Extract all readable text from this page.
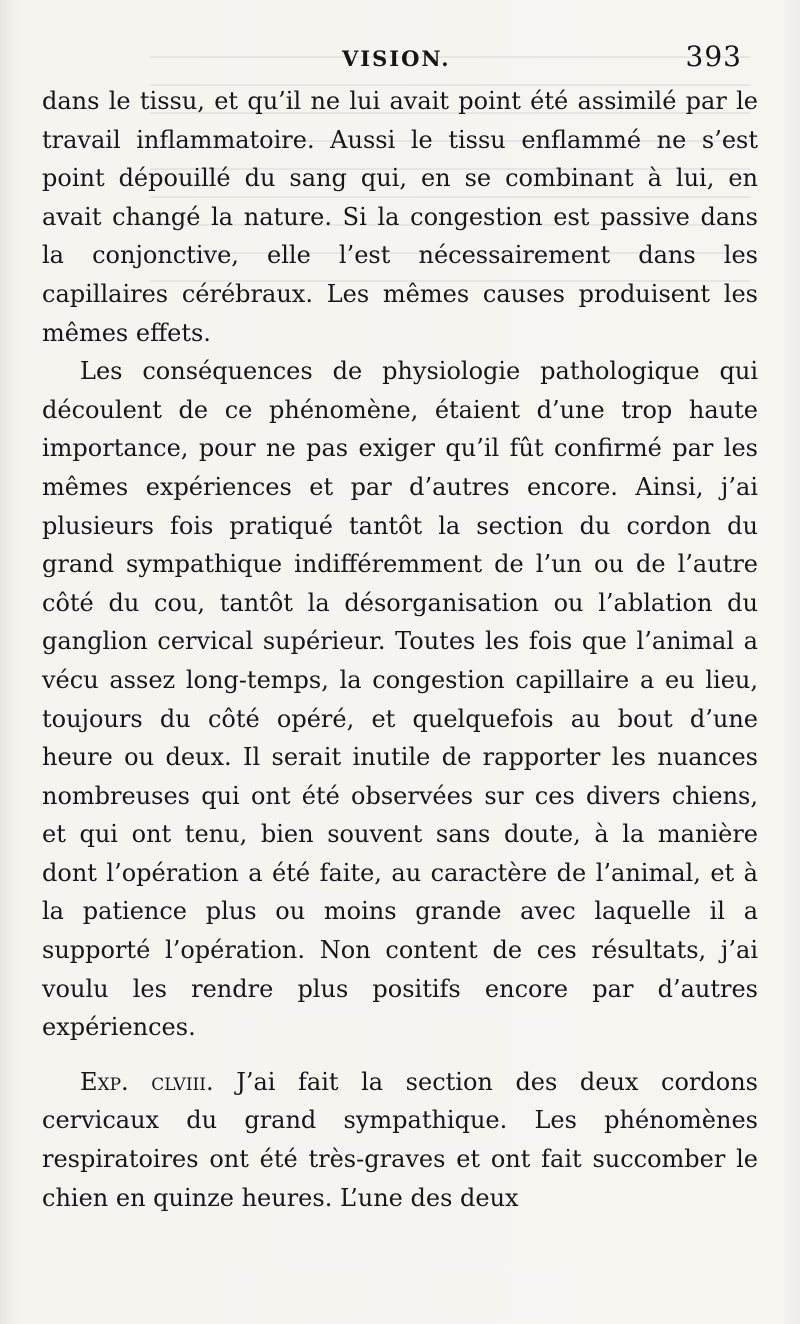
VISION.	393

dans le tissu, et qu’il ne lui avait point été assimilé par le travail inflammatoire. Aussi le tissu enflammé ne s’est point dépouillé du sang qui, en se combinant à lui, en avait changé la nature. Si la congestion est passive dans la conjonctive, elle l’est nécessairement dans les capillaires cérébraux. Les mêmes causes produisent les mêmes effets.

Les conséquences de physiologie pathologique qui découlent de ce phénomène, étaient d’une trop haute importance, pour ne pas exiger qu’il fût confirmé par les mêmes expériences et par d’autres encore. Ainsi, j’ai plusieurs fois pratiqué tantôt la section du cordon du grand sympathique indifféremment de l’un ou de l’autre côté du cou, tantôt la désorganisation ou l’ablation du ganglion cervical supérieur. Toutes les fois que l’animal a vécu assez long-temps, la congestion capillaire a eu lieu, toujours du côté opéré, et quelquefois au bout d’une heure ou deux. Il serait inutile de rapporter les nuances nombreuses qui ont été observées sur ces divers chiens, et qui ont tenu, bien souvent sans doute, à la manière dont l’opération a été faite, au caractère de l’animal, et à la patience plus ou moins grande avec laquelle il a supporté l’opération. Non content de ces résultats, j’ai voulu les rendre plus positifs encore par d’autres expériences.

Exp. clviii. J’ai fait la section des deux cordons cervicaux du grand sympathique. Les phénomènes respiratoires ont été très-graves et ont fait succomber le chien en quinze heures. L’une des deux
